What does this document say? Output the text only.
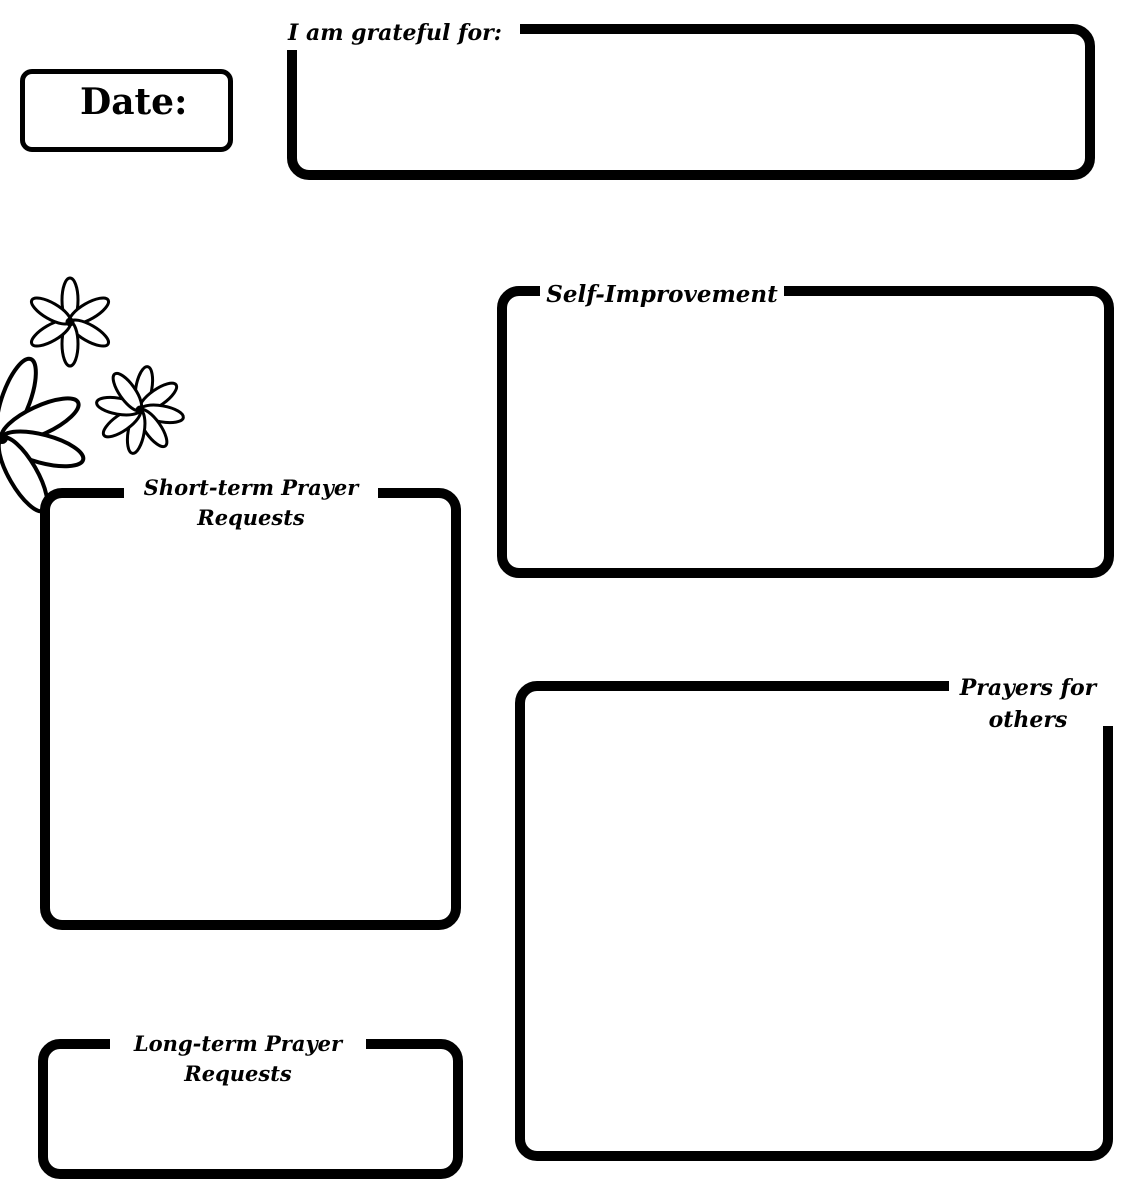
Date:
I am grateful for:
Self-Improvement
Short-term Prayer Requests
Prayers for others
Long-term Prayer Requests
